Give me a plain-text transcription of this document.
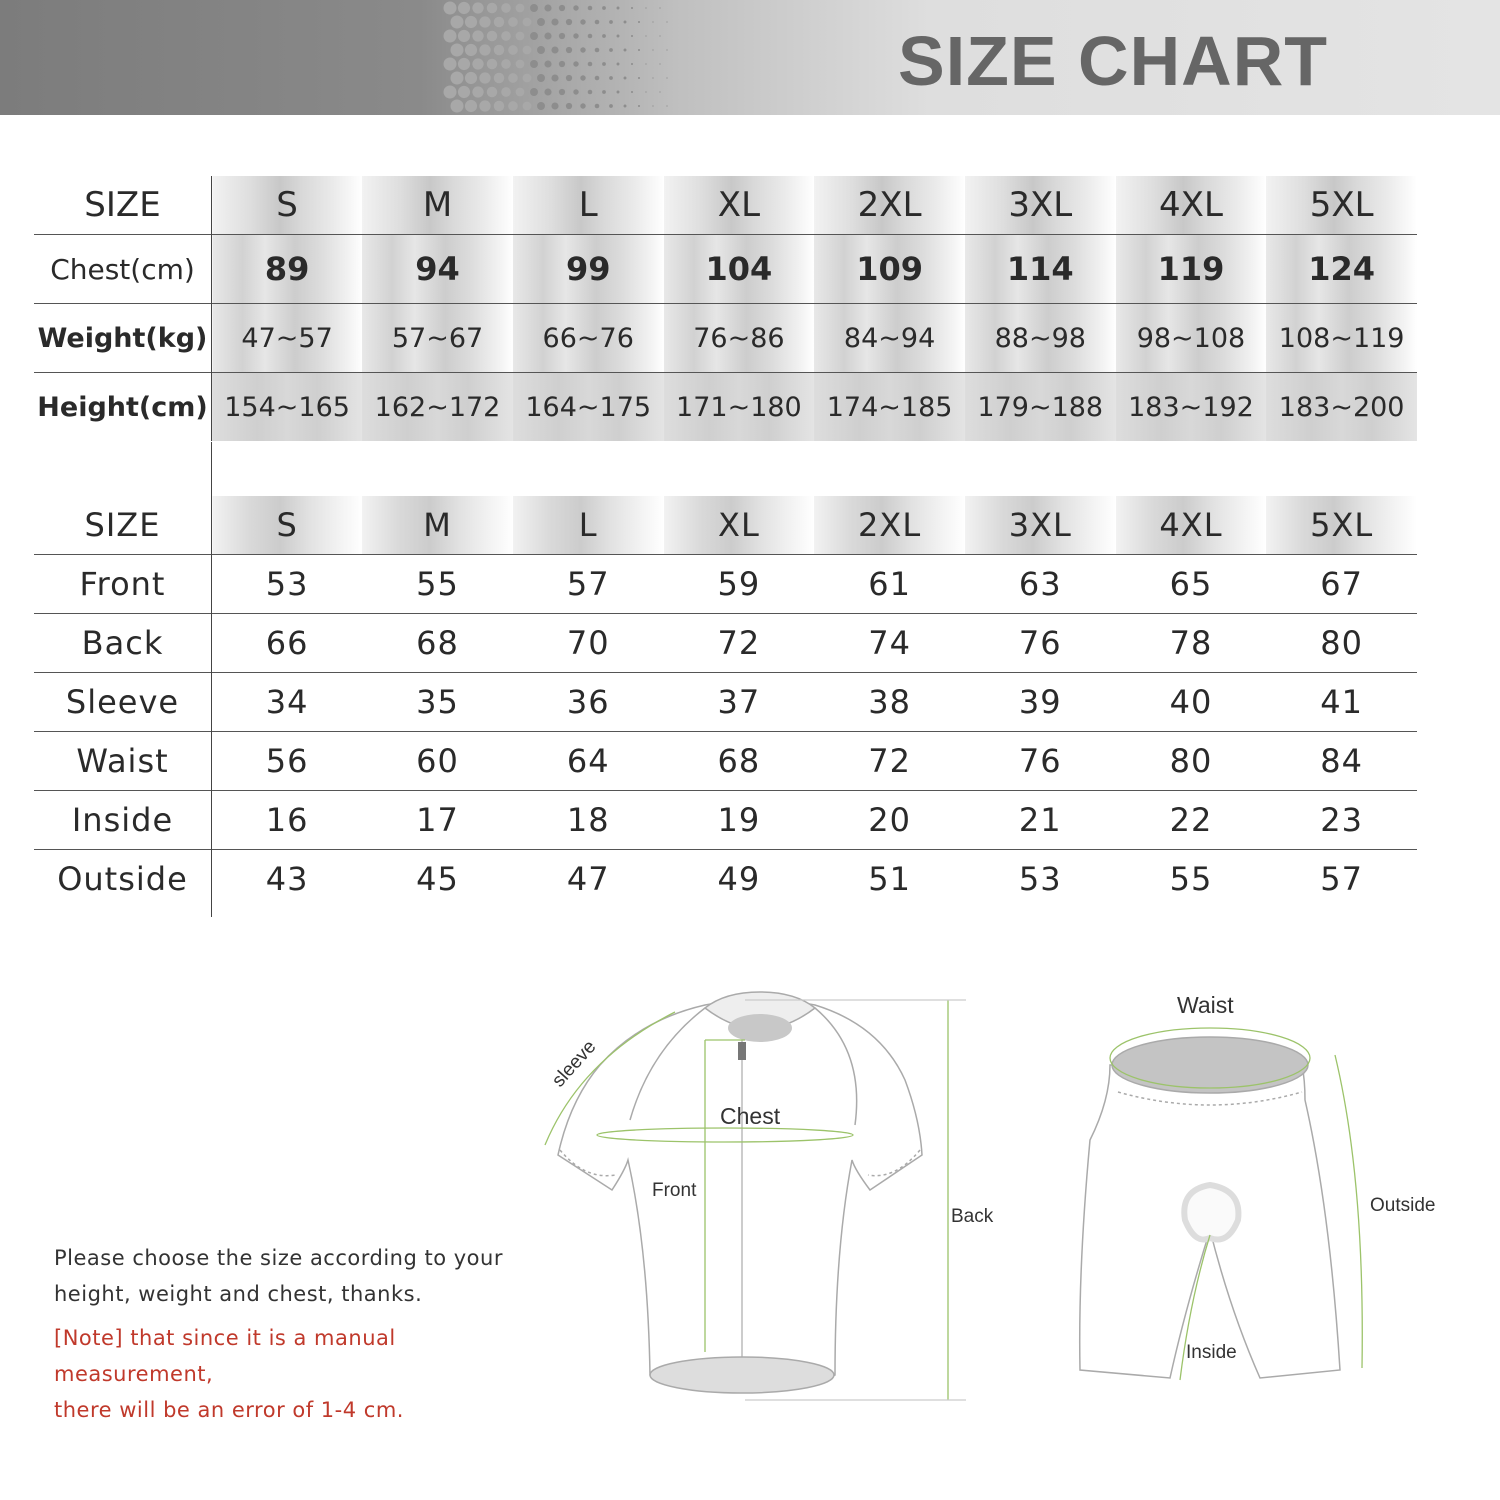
SIZE CHART
SIZE	S	M	L	XL	2XL	3XL	4XL	5XL
Chest(cm)	89	94	99	104	109	114	119	124
Weight(kg)	47~57	57~67	66~76	76~86	84~94	88~98	98~108	108~119
Height(cm)	154~165	162~172	164~175	171~180	174~185	179~188	183~192	183~200
SIZE	S	M	L	XL	2XL	3XL	4XL	5XL
Front	53	55	57	59	61	63	65	67
Back	66	68	70	72	74	76	78	80
Sleeve	34	35	36	37	38	39	40	41
Waist	56	60	64	68	72	76	80	84
Inside	16	17	18	19	20	21	22	23
Outside	43	45	47	49	51	53	55	57
Please choose the size according to your
height, weight and chest, thanks.
[Note] that since it is a manual measurement,
there will be an error of 1-4 cm.
sleeve
Chest
Front
Back
Waist
Outside
Inside
